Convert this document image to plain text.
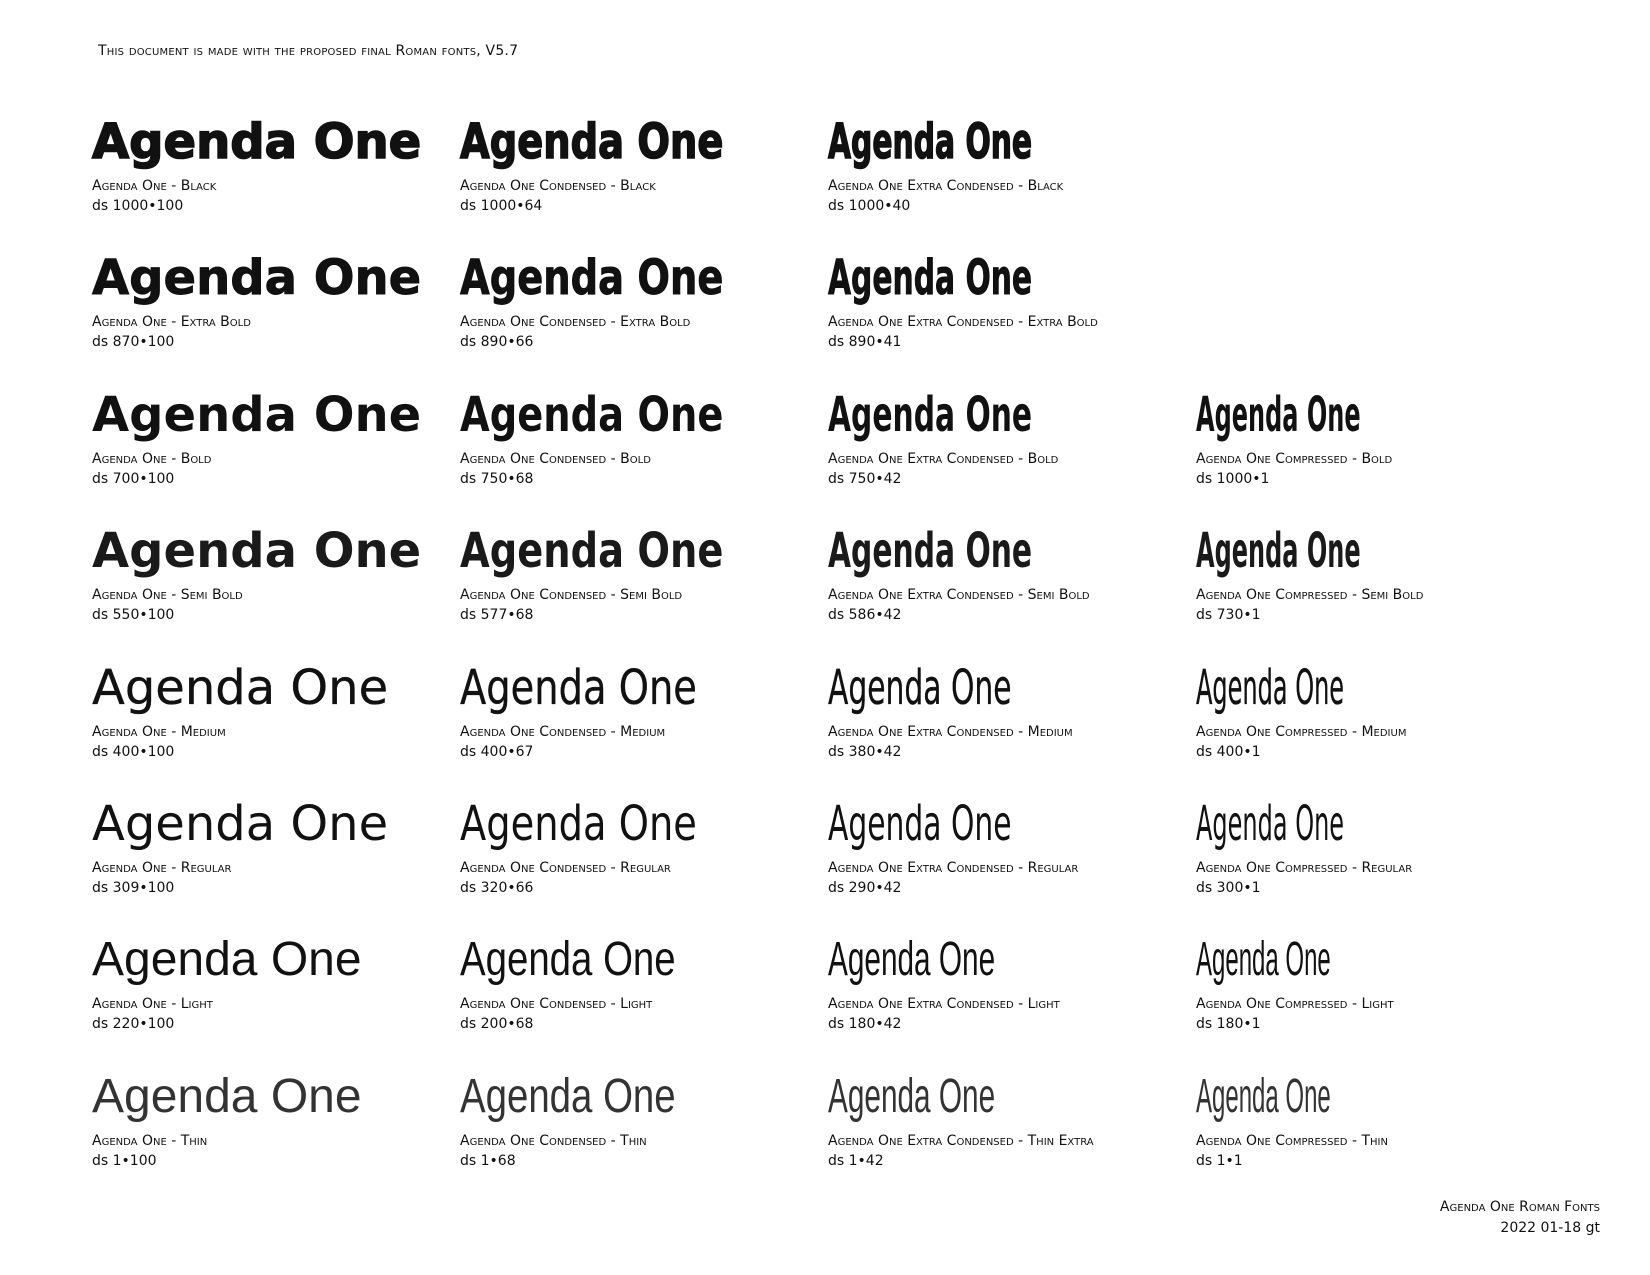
This document is made with the proposed final Roman fonts, V5.7
Agenda One
Agenda One - Black
ds 1000•100
Agenda One
Agenda One - Extra Bold
ds 870•100
Agenda One
Agenda One - Bold
ds 700•100
Agenda One
Agenda One - Semi Bold
ds 550•100
Agenda One
Agenda One - Medium
ds 400•100
Agenda One
Agenda One - Regular
ds 309•100
Agenda One
Agenda One - Light
ds 220•100
Agenda One
Agenda One - Thin
ds 1•100
Agenda One
Agenda One Condensed - Black
ds 1000•64
Agenda One
Agenda One Condensed - Extra Bold
ds 890•66
Agenda One
Agenda One Condensed - Bold
ds 750•68
Agenda One
Agenda One Condensed - Semi Bold
ds 577•68
Agenda One
Agenda One Condensed - Medium
ds 400•67
Agenda One
Agenda One Condensed - Regular
ds 320•66
Agenda One
Agenda One Condensed - Light
ds 200•68
Agenda One
Agenda One Condensed - Thin
ds 1•68
Agenda One
Agenda One Extra Condensed - Black
ds 1000•40
Agenda One
Agenda One Extra Condensed - Extra Bold
ds 890•41
Agenda One
Agenda One Extra Condensed - Bold
ds 750•42
Agenda One
Agenda One Extra Condensed - Semi Bold
ds 586•42
Agenda One
Agenda One Extra Condensed - Medium
ds 380•42
Agenda One
Agenda One Extra Condensed - Regular
ds 290•42
Agenda One
Agenda One Extra Condensed - Light
ds 180•42
Agenda One
Agenda One Extra Condensed - Thin Extra
ds 1•42
Agenda One
Agenda One Compressed - Bold
ds 1000•1
Agenda One
Agenda One Compressed - Semi Bold
ds 730•1
Agenda One
Agenda One Compressed - Medium
ds 400•1
Agenda One
Agenda One Compressed - Regular
ds 300•1
Agenda One
Agenda One Compressed - Light
ds 180•1
Agenda One
Agenda One Compressed - Thin
ds 1•1
Agenda One Roman Fonts
2022 01-18 gt
